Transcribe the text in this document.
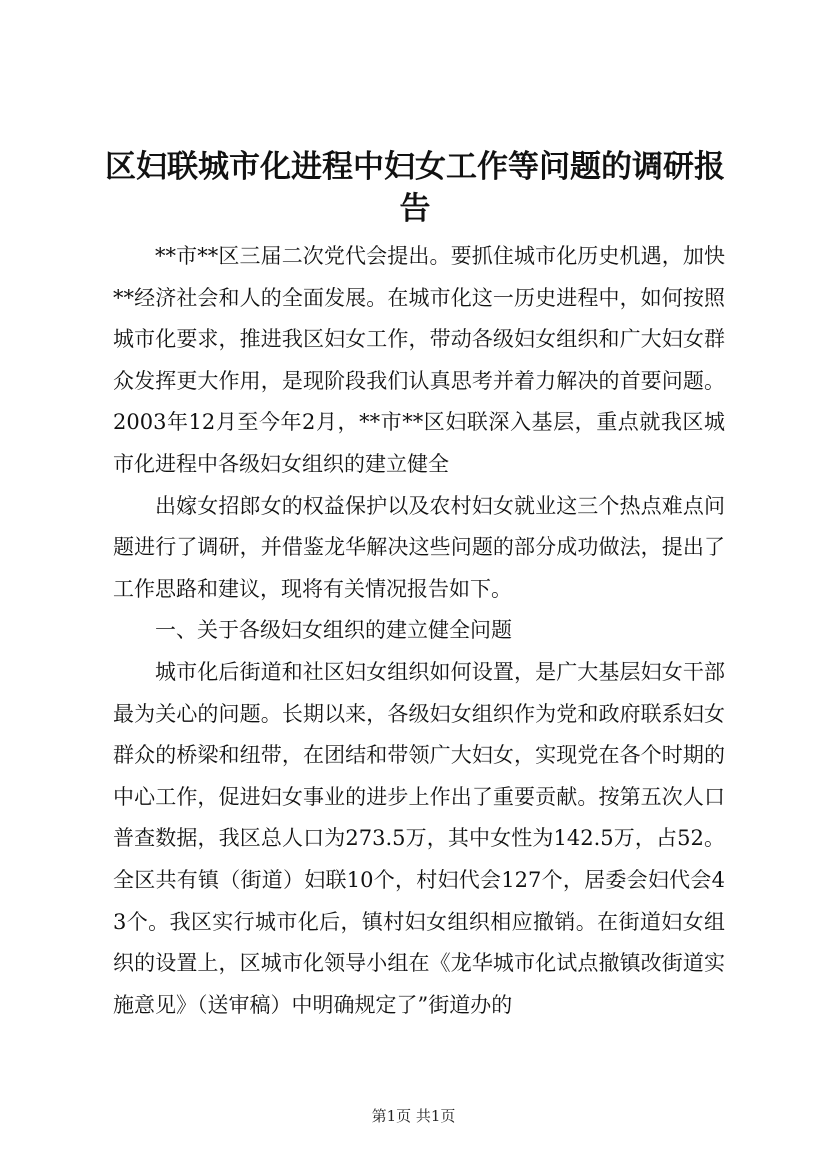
区妇联城市化进程中妇女工作等问题的调研报告

**市**区三届二次党代会提出。要抓住城市化历史机遇，加快**经济社会和人的全面发展。在城市化这一历史进程中，如何按照城市化要求，推进我区妇女工作，带动各级妇女组织和广大妇女群众发挥更大作用，是现阶段我们认真思考并着力解决的首要问题。2003年12月至今年2月，**市**区妇联深入基层，重点就我区城市化进程中各级妇女组织的建立健全

出嫁女招郎女的权益保护以及农村妇女就业这三个热点难点问题进行了调研，并借鉴龙华解决这些问题的部分成功做法，提出了工作思路和建议，现将有关情况报告如下。

一、关于各级妇女组织的建立健全问题

城市化后街道和社区妇女组织如何设置，是广大基层妇女干部最为关心的问题。长期以来，各级妇女组织作为党和政府联系妇女群众的桥梁和纽带，在团结和带领广大妇女，实现党在各个时期的中心工作，促进妇女事业的进步上作出了重要贡献。按第五次人口普查数据，我区总人口为273.5万，其中女性为142.5万，占52。全区共有镇（街道）妇联10个，村妇代会127个，居委会妇代会43个。我区实行城市化后，镇村妇女组织相应撤销。在街道妇女组织的设置上，区城市化领导小组在《龙华城市化试点撤镇改街道实施意见》（送审稿）中明确规定了”街道办的

第1页 共1页
